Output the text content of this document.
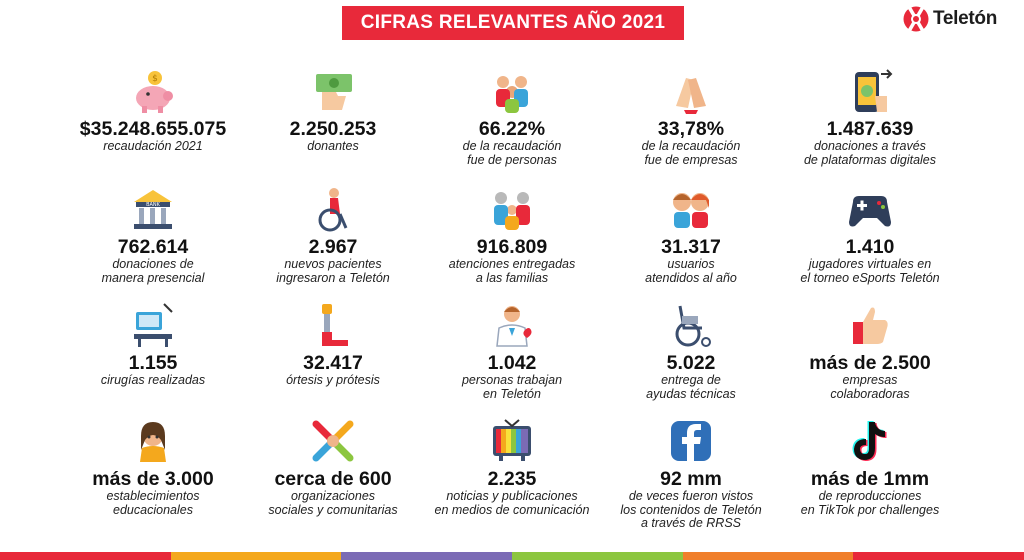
CIFRAS RELEVANTES AÑO 2021	Teletón
$
$35.248.655.075
recaudación 2021
2.250.253
donantes
66.22%
de la recaudación
fue de personas
33,78%
de la recaudación
fue de empresas
1.487.639
donaciones a través
de plataformas digitales
BANK
762.614
donaciones de
manera presencial
2.967
nuevos pacientes
ingresaron a Teletón
916.809
atenciones entregadas
a las familias
31.317
usuarios
atendidos al año
1.410
jugadores virtuales en
el torneo eSports Teletón
1.155
cirugías realizadas
32.417
órtesis y prótesis
1.042
personas trabajan
en Teletón
5.022
entrega de
ayudas técnicas
más de 2.500
empresas
colaboradoras
más de 3.000
establecimientos
educacionales
cerca de 600
organizaciones
sociales y comunitarias
2.235
noticias y publicaciones
en medios de comunicación
92 mm
de veces fueron vistos
los contenidos de Teletón
a través de RRSS
más de 1mm
de reproducciones
en TikTok por challenges
